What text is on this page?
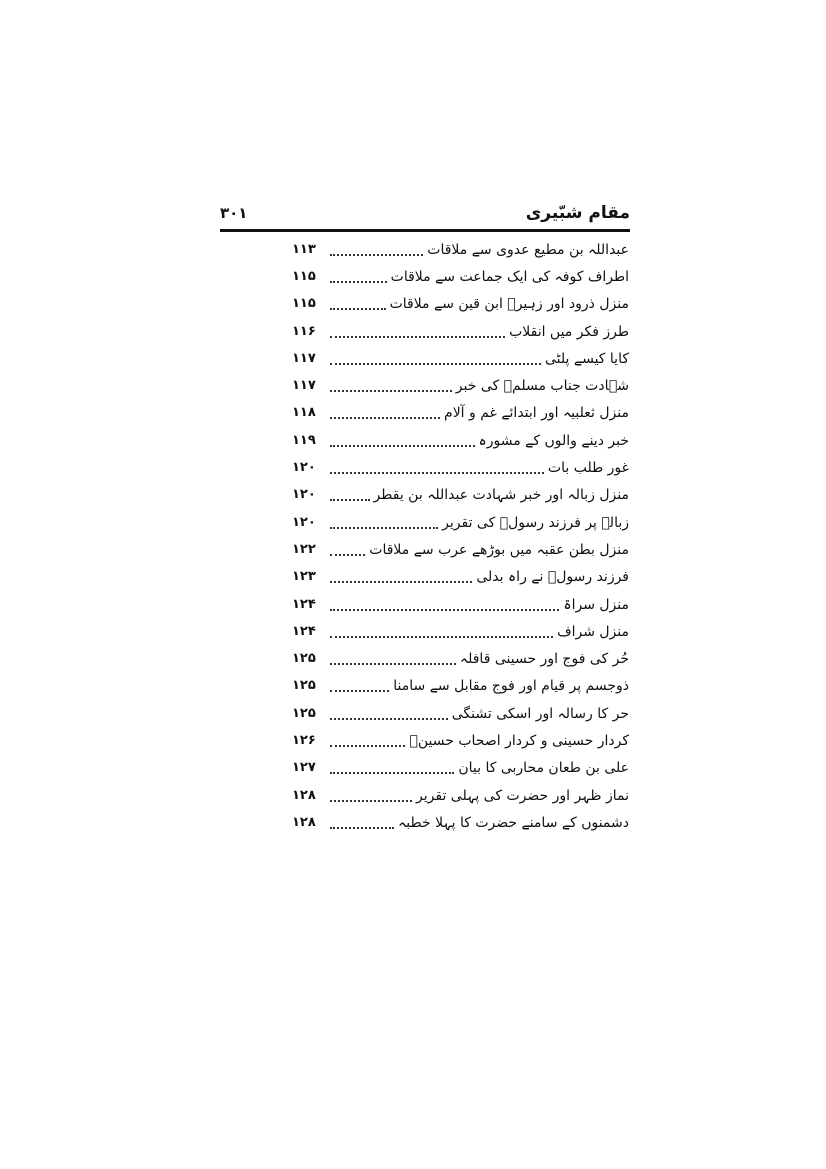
مقام شبّیری
۳۰۱
عبداللہ بن مطیع عدوی سے ملاقات
۱۱۳
اطراف کوفہ کی ایک جماعت سے ملاقات
۱۱۵
منزل ذرود اور زہیرؓ ابن قین سے ملاقات
۱۱۵
طرز فکر میں انقلاب
۱۱۶
کایا کیسے پلٹی
۱۱۷
شہادت جناب مسلمؑ کی خبر
۱۱۷
منزل ثعلبیہ اور ابتدائے غم و آلام
۱۱۸
خبر دینے والوں کے مشورہ
۱۱۹
غور طلب بات
۱۲۰
منزل زبالہ اور خبر شہادت عبداللہ بن یقطر
۱۲۰
زبالہ پر فرزند رسولؐ کی تقریر
۱۲۰
منزل بطن عقبہ میں بوڑھے عرب سے ملاقات
۱۲۲
فرزند رسولؐ نے راہ بدلی
۱۲۳
منزل سراۃ
۱۲۴
منزل شراف
۱۲۴
حُر کی فوج اور حسینی قافلہ
۱۲۵
ذوجسم پر قیام اور فوج مقابل سے سامنا
۱۲۵
حر کا رسالہ اور اسکی تشنگی
۱۲۵
کردار حسینی و کردار اصحاب حسینؑ
۱۲۶
علی بن طعان محاربی کا بیان
۱۲۷
نماز ظہر اور حضرت کی پہلی تقریر
۱۲۸
دشمنوں کے سامنے حضرت کا پہلا خطبہ
۱۲۸
